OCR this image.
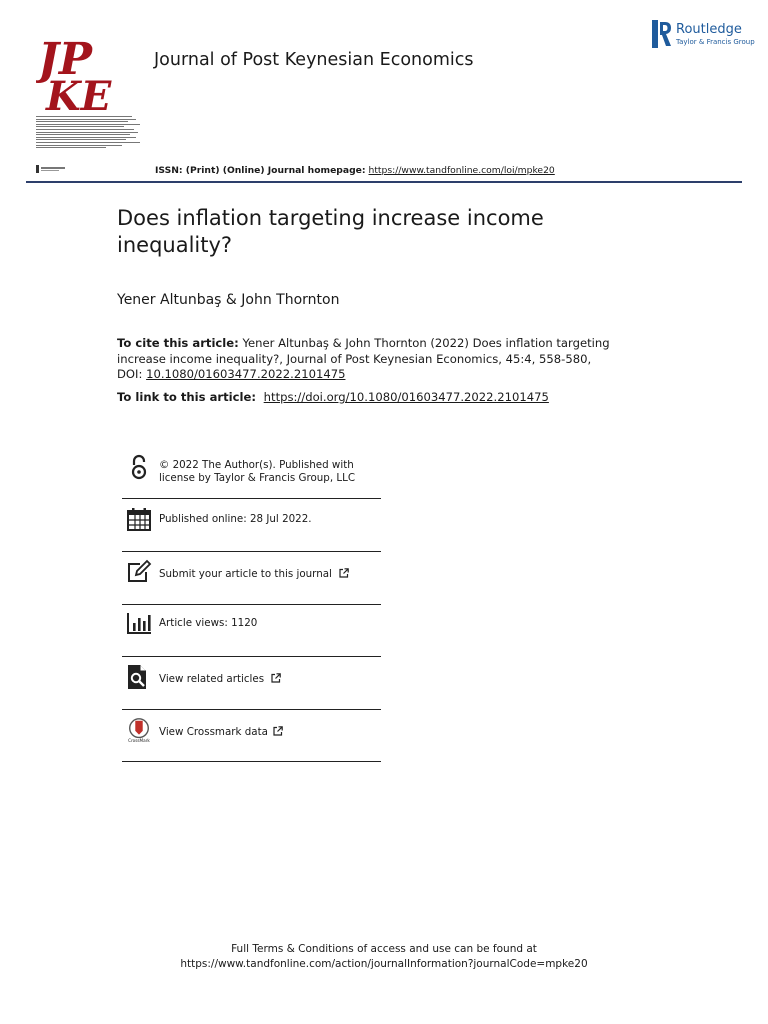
JP
KE
Journal of Post Keynesian Economics
Routledge
Taylor & Francis Group
ISSN: (Print) (Online) Journal homepage: https://www.tandfonline.com/loi/mpke20
Does inflation targeting increase income inequality?
Yener Altunbaş & John Thornton
To cite this article: Yener Altunbaş & John Thornton (2022) Does inflation targeting increase income inequality?, Journal of Post Keynesian Economics, 45:4, 558-580, DOI: 10.1080/01603477.2022.2101475
To link to this article: https://doi.org/10.1080/01603477.2022.2101475
© 2022 The Author(s). Published with
license by Taylor & Francis Group, LLC
Published online: 28 Jul 2022.
Submit your article to this journal
Article views: 1120
View related articles
CrossMark
View Crossmark data
Full Terms & Conditions of access and use can be found at
https://www.tandfonline.com/action/journalInformation?journalCode=mpke20
